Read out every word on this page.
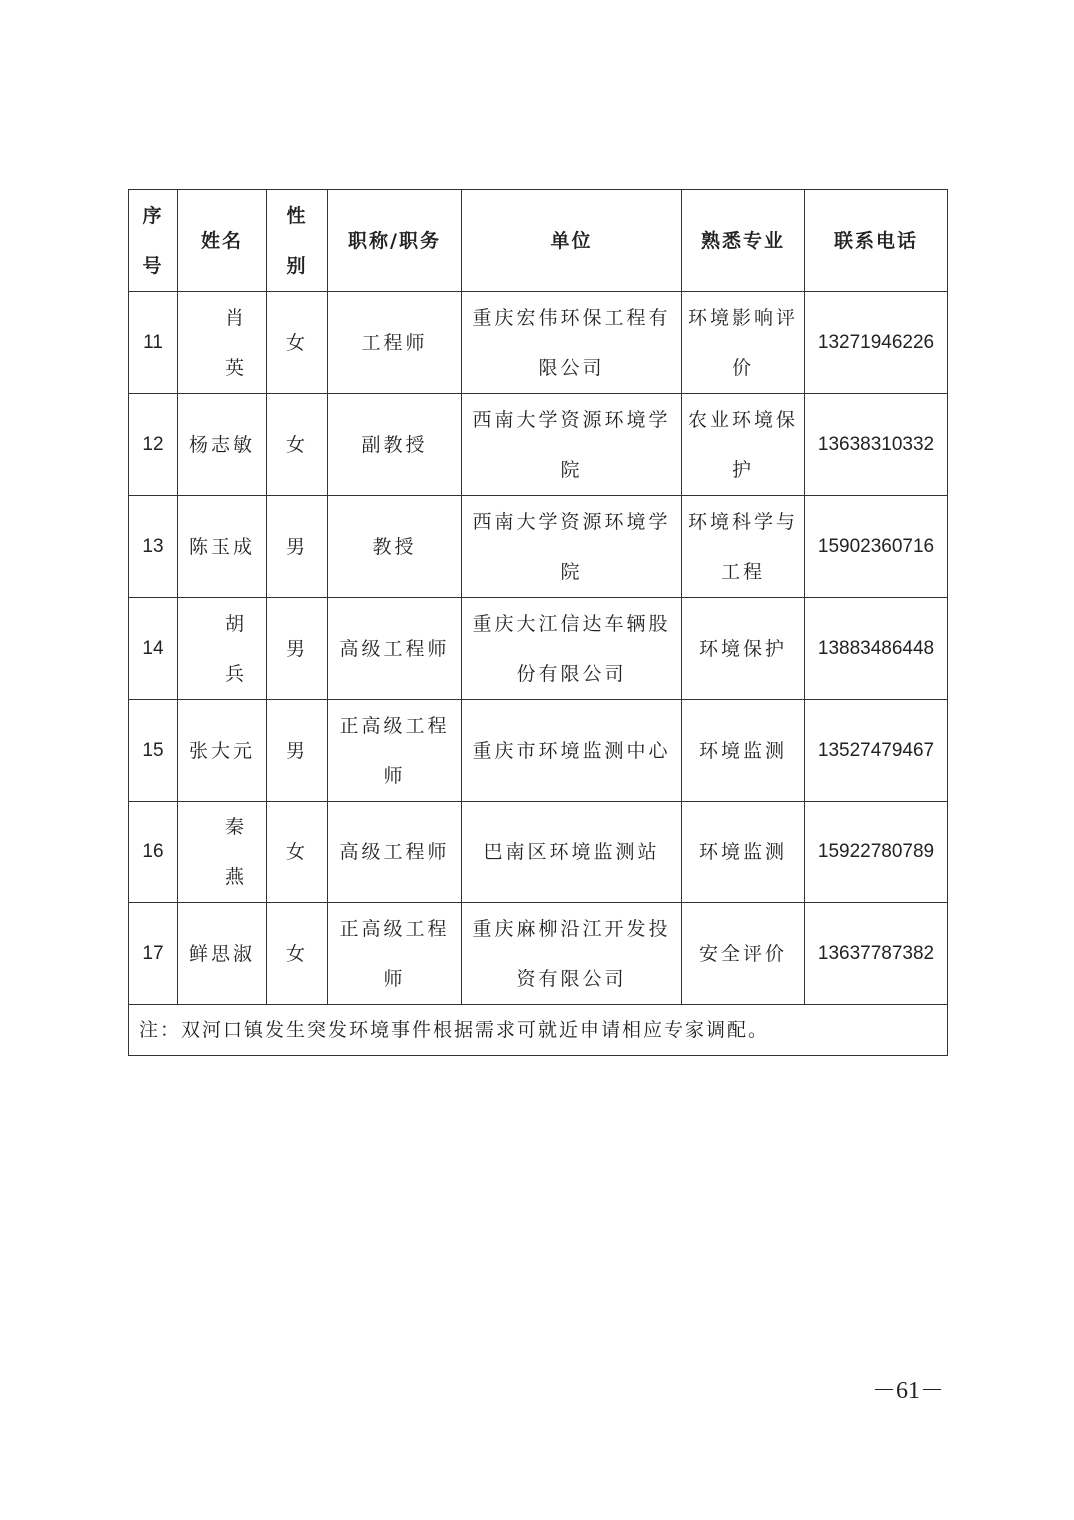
序号	姓名	性别	职称/职务	单位	熟悉专业	联系电话
11	肖 英	女	工程师	重庆宏伟环保工程有限公司	环境影响评价	13271946226
12	杨志敏	女	副教授	西南大学资源环境学院	农业环境保护	13638310332
13	陈玉成	男	教授	西南大学资源环境学院	环境科学与工程	15902360716
14	胡 兵	男	高级工程师	重庆大江信达车辆股份有限公司	环境保护	13883486448
15	张大元	男	正高级工程师	重庆市环境监测中心	环境监测	13527479467
16	秦 燕	女	高级工程师	巴南区环境监测站	环境监测	15922780789
17	鲜思淑	女	正高级工程师	重庆麻柳沿江开发投资有限公司	安全评价	13637787382
注：双河口镇发生突发环境事件根据需求可就近申请相应专家调配。						
－61－
